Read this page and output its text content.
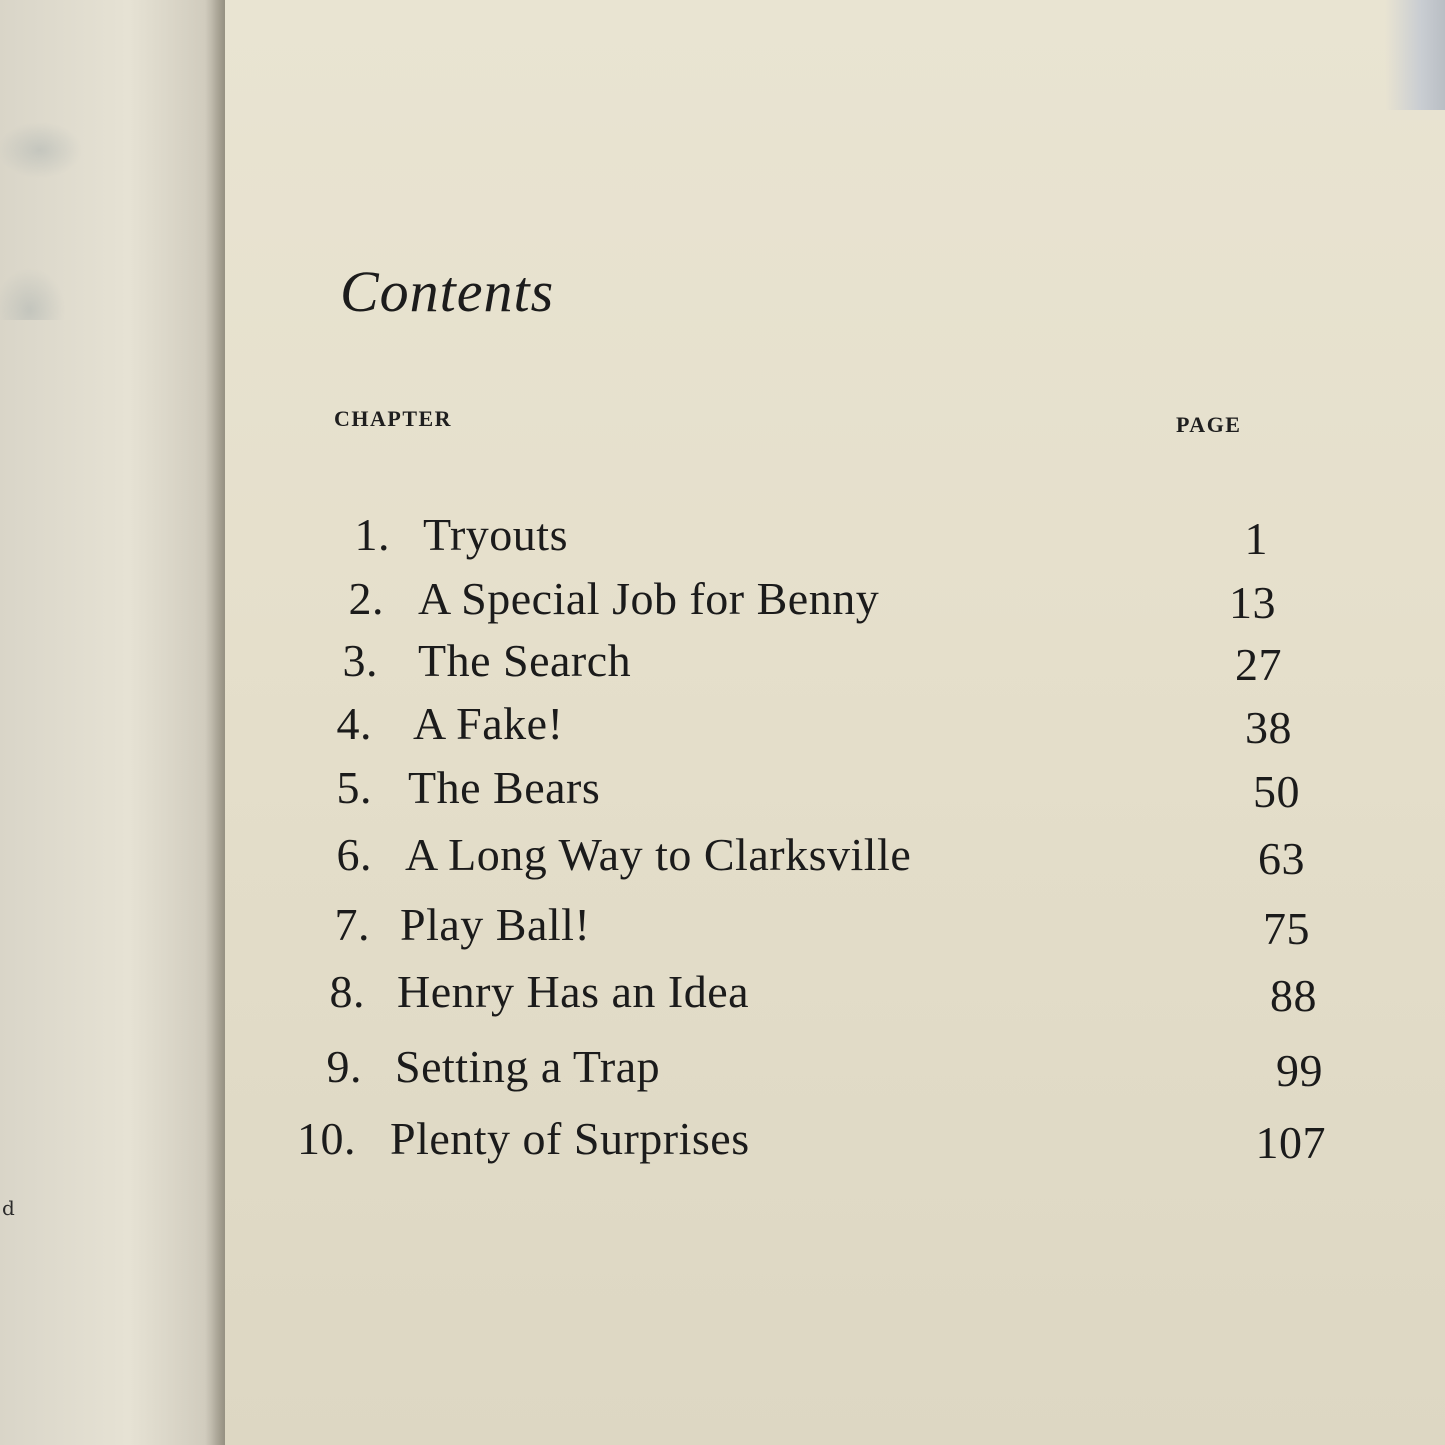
d
Contents
CHAPTER	PAGE
1. Tryouts	1
2. A Special Job for Benny	13
3. The Search	27
4. A Fake!	38
5. The Bears	50
6. A Long Way to Clarksville	63
7. Play Ball!	75
8. Henry Has an Idea	88
9. Setting a Trap	99
10. Plenty of Surprises	107
